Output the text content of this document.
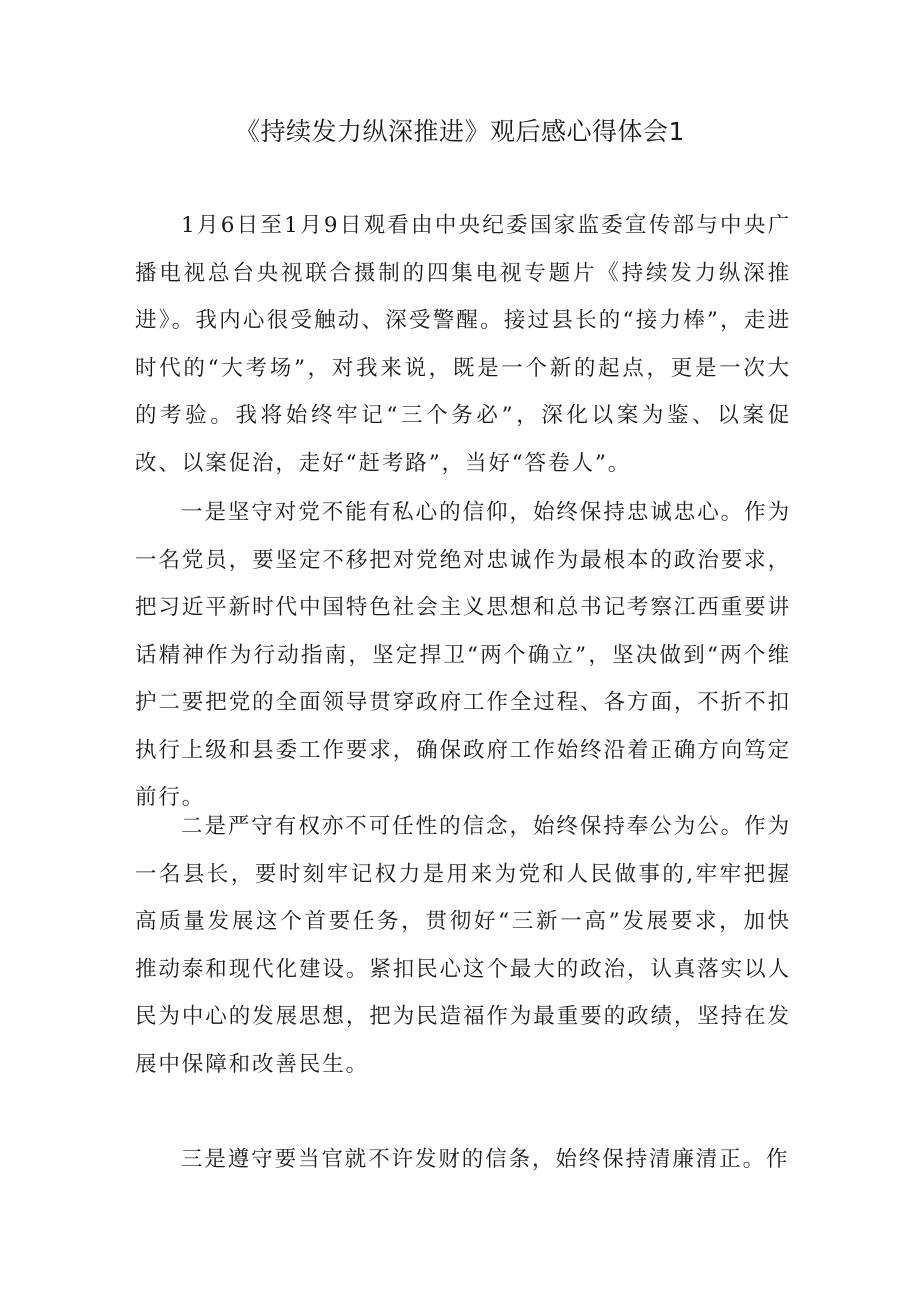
《持续发力纵深推进》观后感心得体会1

1月6日至1月9日观看由中央纪委国家监委宣传部与中央广播电视总台央视联合摄制的四集电视专题片《持续发力纵深推进》。我内心很受触动、深受警醒。接过县长的“接力棒”，走进时代的“大考场”，对我来说，既是一个新的起点，更是一次大的考验。我将始终牢记“三个务必”，深化以案为鉴、以案促改、以案促治，走好“赶考路”，当好“答卷人”。

一是坚守对党不能有私心的信仰，始终保持忠诚忠心。作为一名党员，要坚定不移把对党绝对忠诚作为最根本的政治要求，把习近平新时代中国特色社会主义思想和总书记考察江西重要讲话精神作为行动指南，坚定捍卫“两个确立”，坚决做到“两个维护二要把党的全面领导贯穿政府工作全过程、各方面，不折不扣执行上级和县委工作要求，确保政府工作始终沿着正确方向笃定前行。

二是严守有权亦不可任性的信念，始终保持奉公为公。作为一名县长，要时刻牢记权力是用来为党和人民做事的,牢牢把握高质量发展这个首要任务，贯彻好“三新一高”发展要求，加快推动泰和现代化建设。紧扣民心这个最大的政治，认真落实以人民为中心的发展思想，把为民造福作为最重要的政绩，坚持在发展中保障和改善民生。

三是遵守要当官就不许发财的信条，始终保持清廉清正。作
